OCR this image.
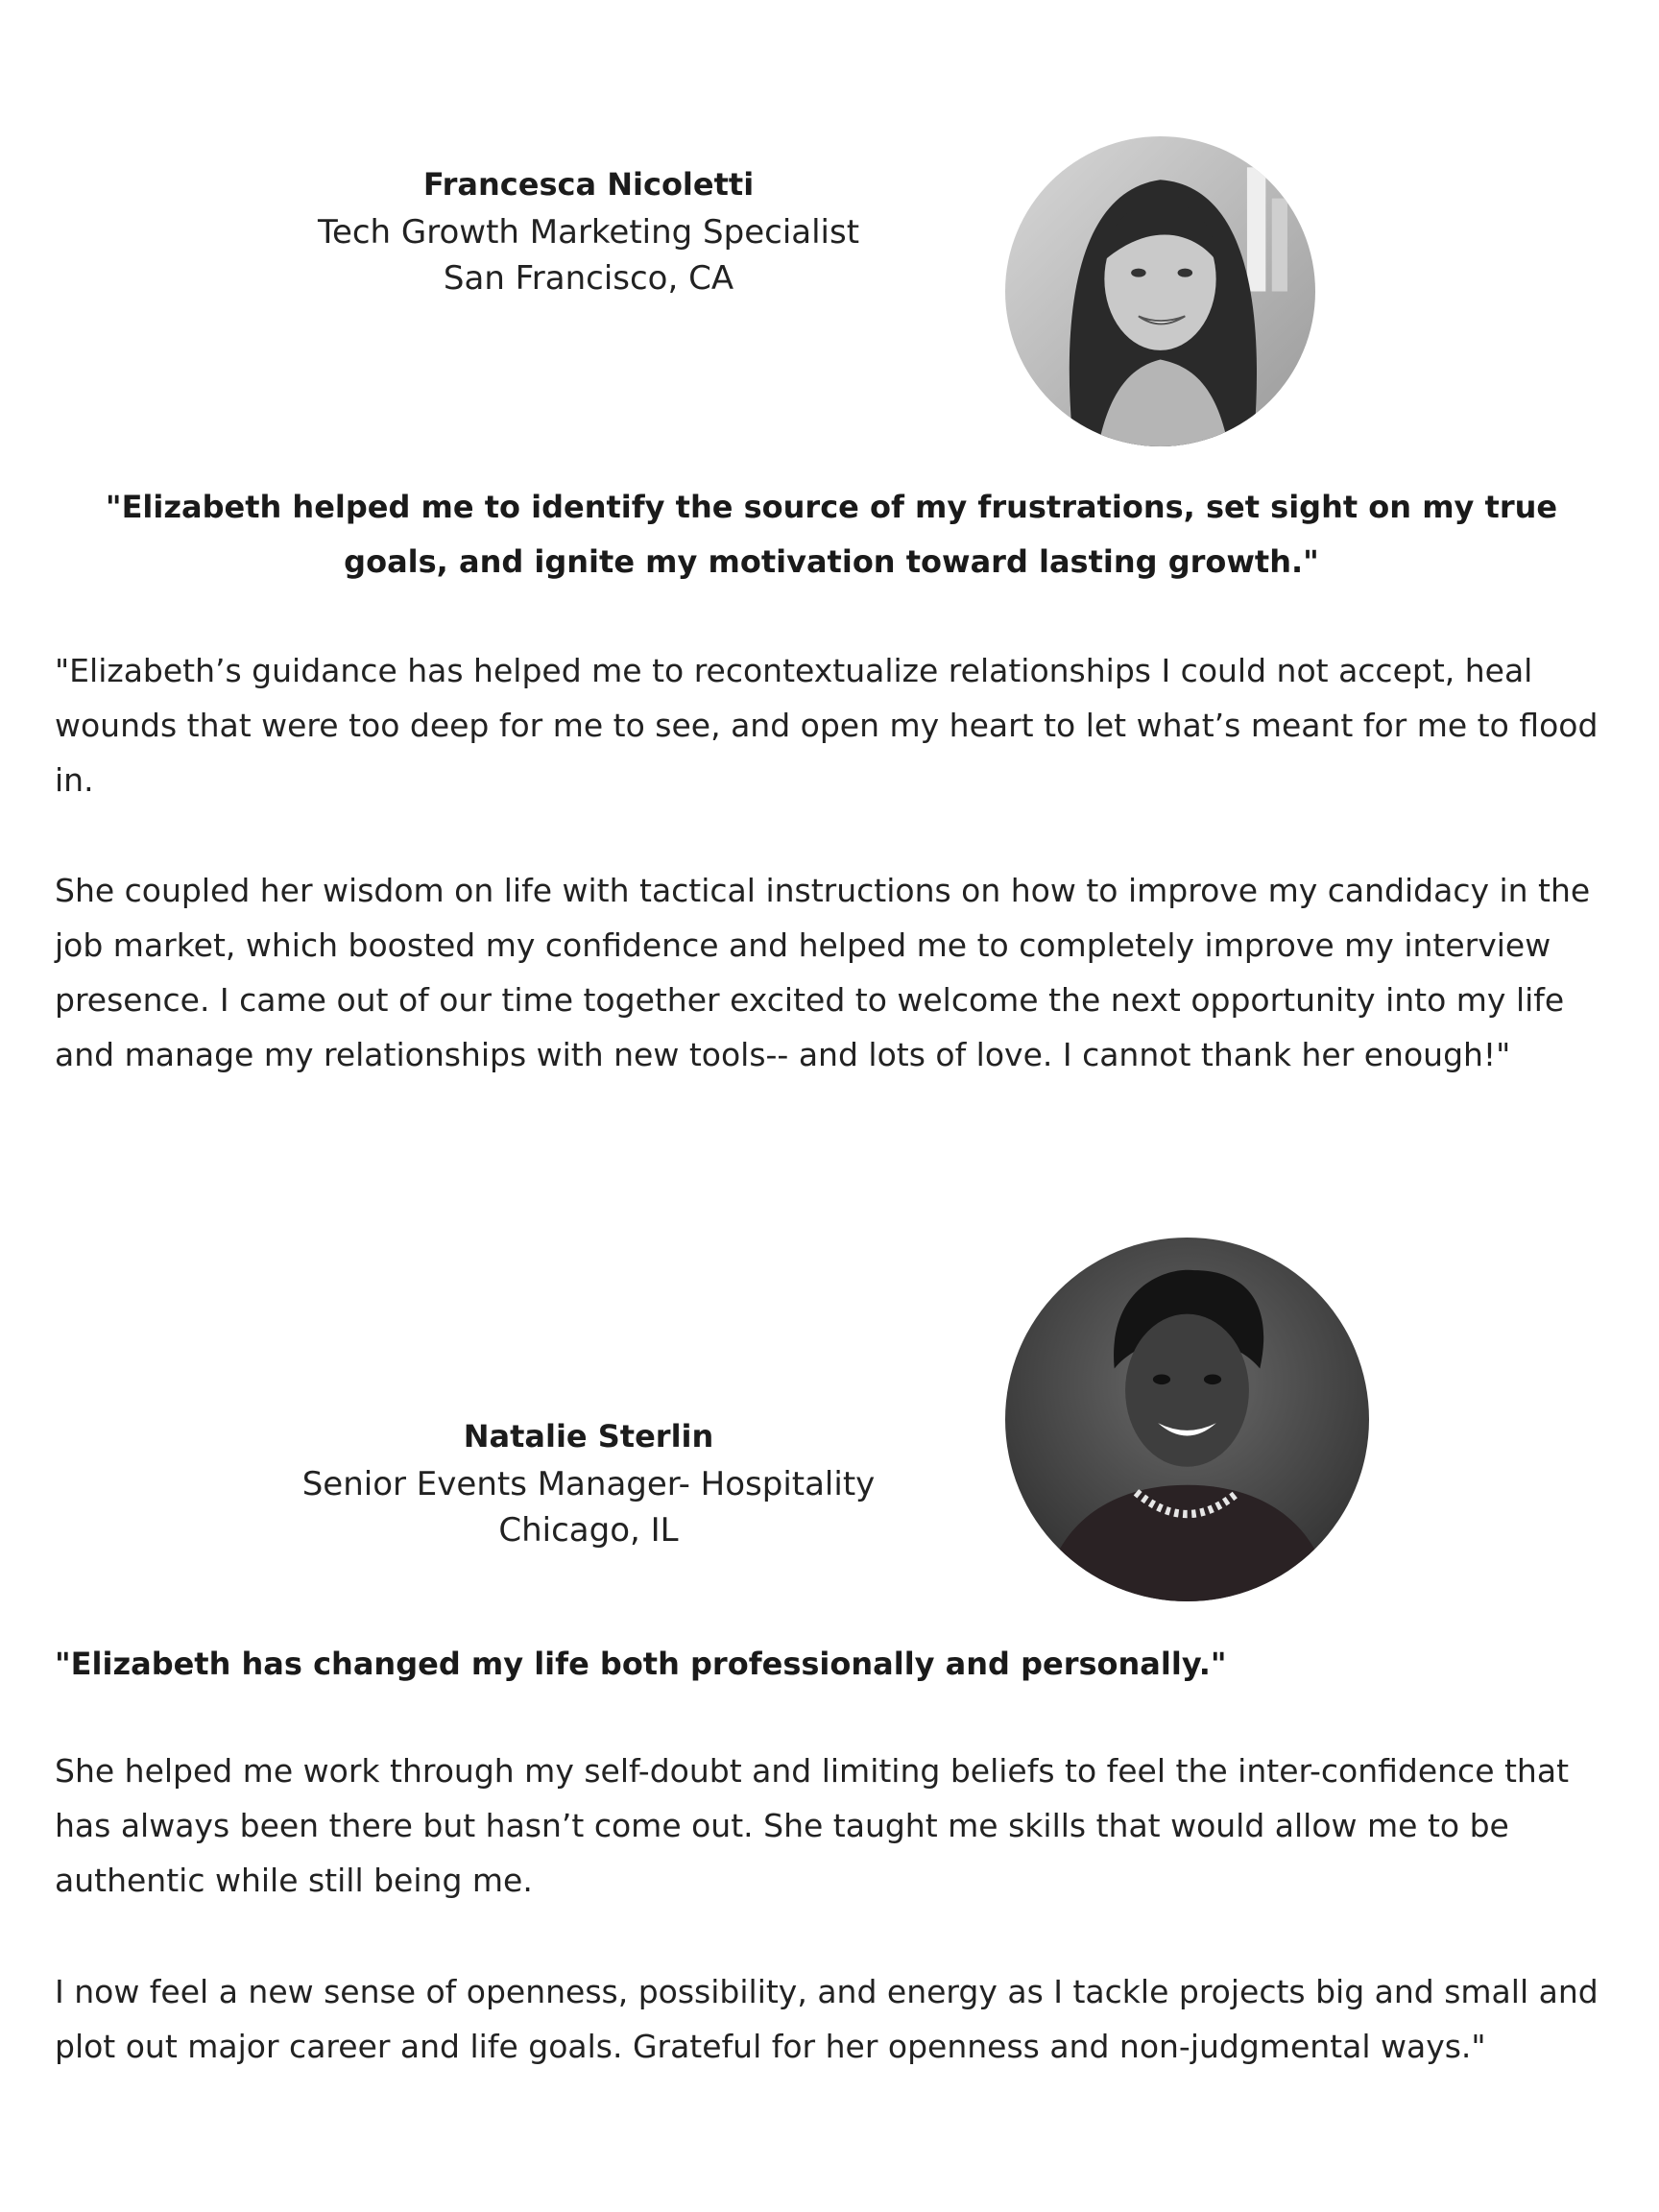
Francesca Nicoletti
Tech Growth Marketing Specialist
San Francisco, CA
"Elizabeth helped me to identify the source of my frustrations, set sight on my true goals, and ignite my motivation toward lasting growth."
"Elizabeth’s guidance has helped me to recontextualize relationships I could not accept, heal wounds that were too deep for me to see, and open my heart to let what’s meant for me to flood in.
She coupled her wisdom on life with tactical instructions on how to improve my candidacy in the job market, which boosted my confidence and helped me to completely improve my interview presence. I came out of our time together excited to welcome the next opportunity into my life and manage my relationships with new tools-- and lots of love. I cannot thank her enough!"
Natalie Sterlin
Senior Events Manager- Hospitality
Chicago, IL
"Elizabeth has changed my life both professionally and personally."
She helped me work through my self-doubt and limiting beliefs to feel the inter-confidence that has always been there but hasn’t come out. She taught me skills that would allow me to be authentic while still being me.
I now feel a new sense of openness, possibility, and energy as I tackle projects big and small and plot out major career and life goals. Grateful for her openness and non-judgmental ways."
